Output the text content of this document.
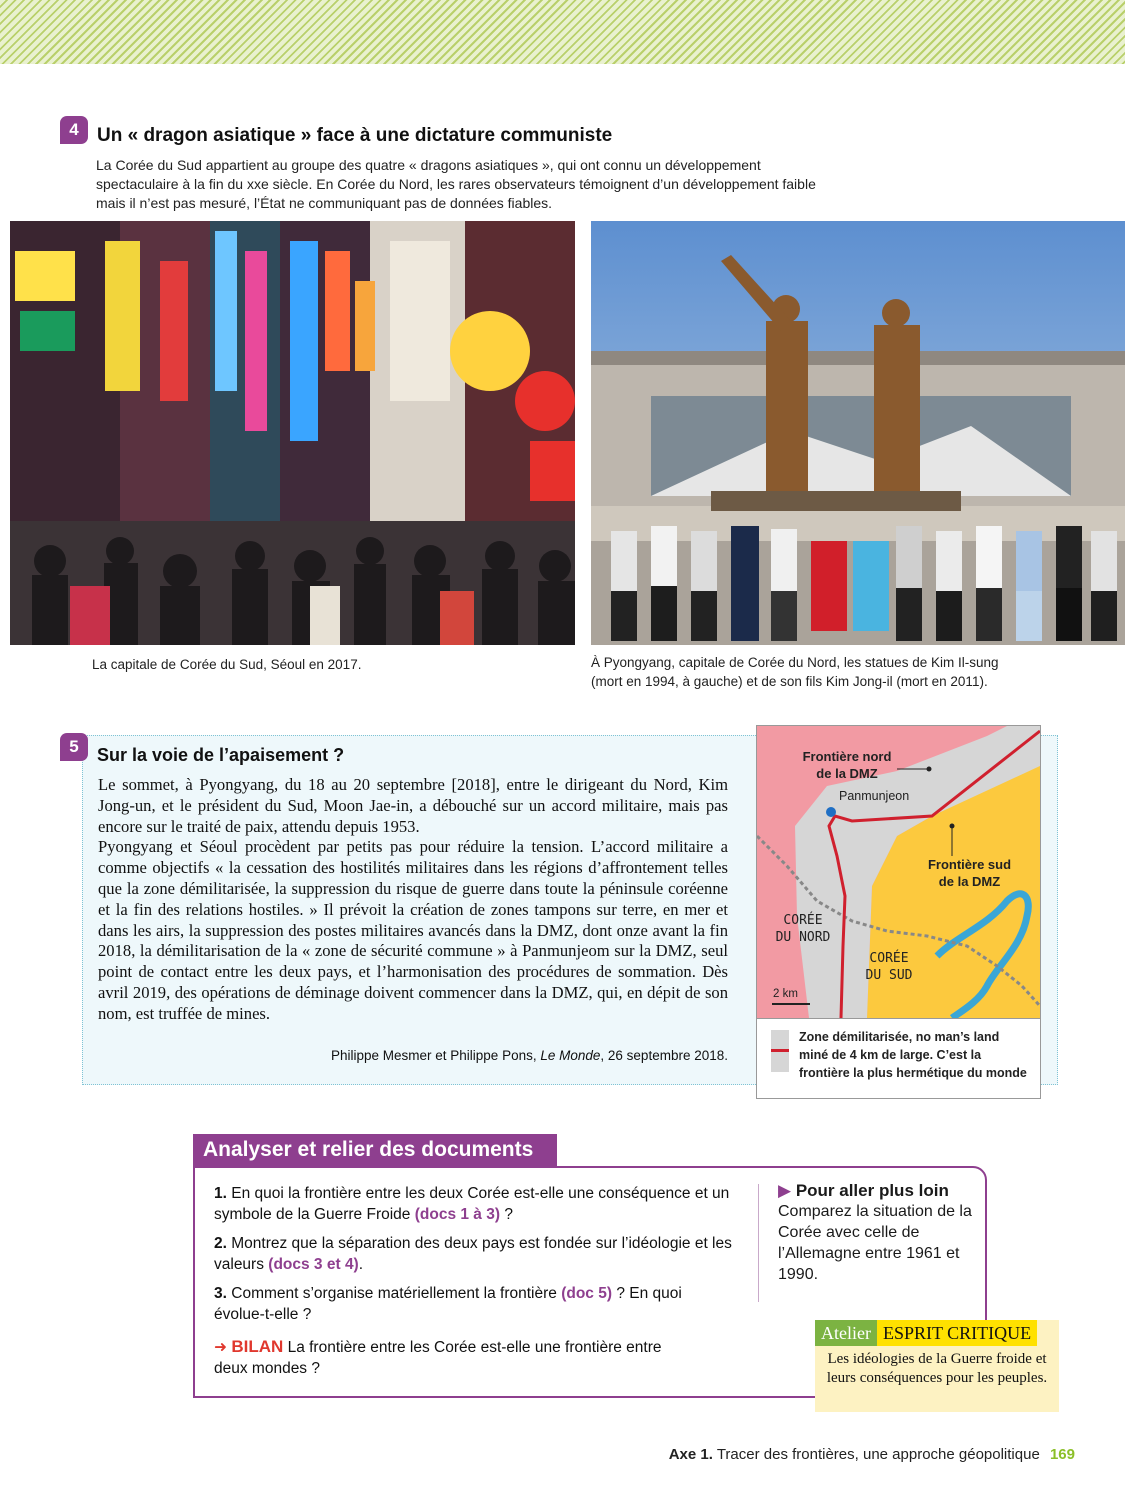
4 Un « dragon asiatique » face à une dictature communiste
La Corée du Sud appartient au groupe des quatre « dragons asiatiques », qui ont connu un développement spectaculaire à la fin du xxe siècle. En Corée du Nord, les rares observateurs témoignent d’un développement faible mais il n’est pas mesuré, l’État ne communiquant pas de données fiables.
La capitale de Corée du Sud, Séoul en 2017.	À Pyongyang, capitale de Corée du Nord, les statues de Kim Il-sung
(mort en 1994, à gauche) et de son fils Kim Jong-il (mort en 2011).
5	Sur la voie de l’apaisement ?

Le sommet, à Pyongyang, du 18 au 20 septembre [2018], entre le dirigeant du Nord, Kim Jong-un, et le président du Sud, Moon Jae-in, a débouché sur un accord militaire, mais pas encore sur le traité de paix, attendu depuis 1953.

Pyongyang et Séoul procèdent par petits pas pour réduire la tension. L’accord militaire a comme objectifs « la cessation des hostilités militaires dans les régions d’affrontement telles que la zone démilitarisée, la suppression du risque de guerre dans toute la péninsule coréenne et la fin des relations hostiles. » Il prévoit la création de zones tampons sur terre, en mer et dans les airs, la suppression des postes militaires avancés dans la DMZ, dont onze avant la fin 2018, la démilitarisation de la « zone de sécurité commune » à Panmunjeom sur la DMZ, seul point de contact entre les deux pays, et l’harmonisation des procédures de sommation. Dès avril 2019, des opérations de déminage doivent commencer dans la DMZ, qui, en dépit de son nom, est truffée de mines.

Philippe Mesmer et Philippe Pons, Le Monde, 26 septembre 2018.
Frontière nord
de la DMZ
Panmunjeon
Frontière sud
de la DMZ
CORÉE
DU NORD
CORÉE
DU SUD
2 km
Zone démilitarisée, no man’s land
miné de 4 km de large. C’est la
frontière la plus hermétique du monde
Analyser et relier des documents
1. En quoi la frontière entre les deux Corée est-elle une conséquence et un symbole de la Guerre Froide (docs 1 à 3) ?
2. Montrez que la séparation des deux pays est fondée sur l’idéologie et les valeurs (docs 3 et 4).
3. Comment s’organise matériellement la frontière (doc 5) ? En quoi évolue-t-elle ?
➜ BILAN La frontière entre les Corée est-elle une frontière entre deux mondes ?
▶ Pour aller plus loin
Comparez la situation de la Corée avec celle de l’Allemagne entre 1961 et 1990.
Atelier ESPRIT CRITIQUE
Les idéologies de la Guerre froide et leurs conséquences pour les peuples.
Axe 1. Tracer des frontières, une approche géopolitique 169
